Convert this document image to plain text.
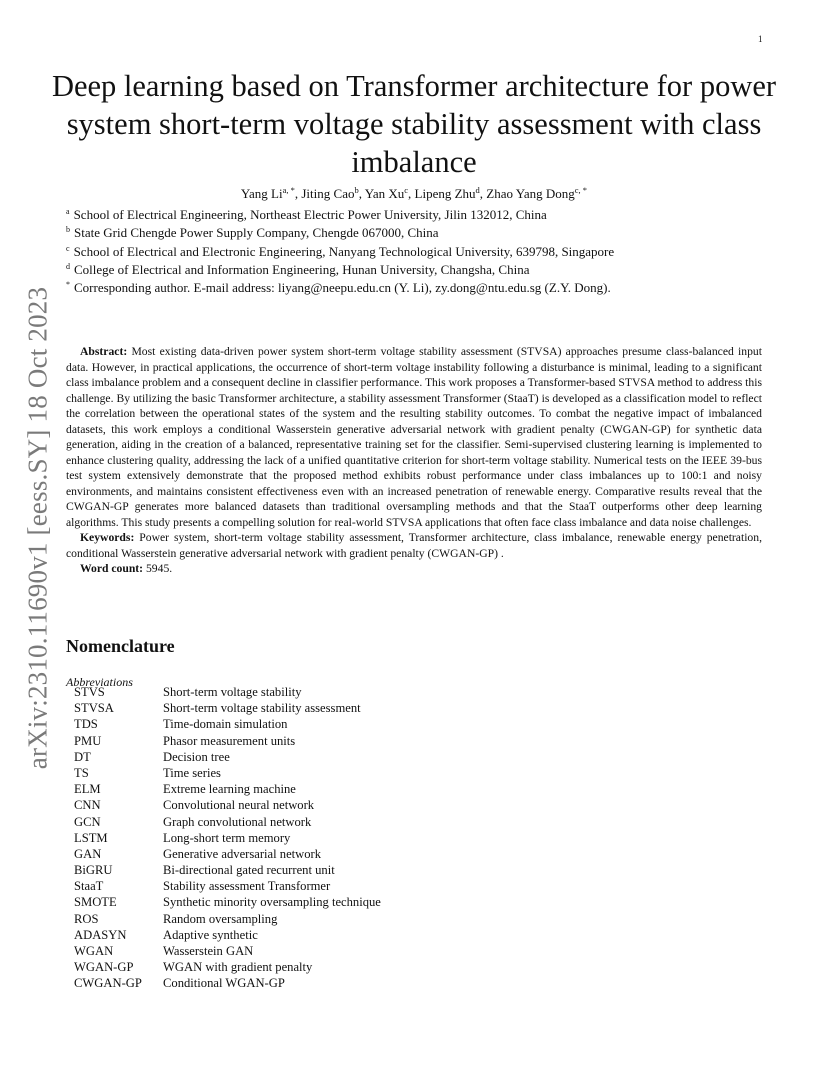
1
arXiv:2310.11690v1 [eess.SY] 18 Oct 2023
Deep learning based on Transformer architecture for power system short-term voltage stability assessment with class imbalance
Yang $Li^{a, *}$, Jiting Cao$^b$, Yan Xu$^c$, Lipeng Zhu$^d$, Zhao Yang Dong$^{c, *}$
$^a$ School of Electrical Engineering, Northeast Electric Power University, Jilin 132012, China
$^b$ State Grid Chengde Power Supply Company, Chengde 067000, China
$^c$ School of Electrical and Electronic Engineering, Nanyang Technological University, 639798, Singapore
$^d$ College of Electrical and Information Engineering, Hunan University, Changsha, China
* Corresponding author. E-mail address: liyang@neepu.edu.cn (Y. Li), zy.dong@ntu.edu.sg (Z.Y. Dong).

Abstract: Most existing data-driven power system short-term voltage stability assessment (STVSA) approaches presume class-balanced input data. However, in practical applications, the occurrence of short-term voltage instability following a disturbance is minimal, leading to a significant class imbalance problem and a consequent decline in classifier performance. This work proposes a Transformer-based STVSA method to address this challenge. By utilizing the basic Transformer architecture, a stability assessment Transformer (StaaT) is developed as a classification model to reflect the correlation between the operational states of the system and the resulting stability outcomes. To combat the negative impact of imbalanced datasets, this work employs a conditional Wasserstein generative adversarial network with gradient penalty (CWGAN-GP) for synthetic data generation, aiding in the creation of a balanced, representative training set for the classifier. Semi-supervised clustering learning is implemented to enhance clustering quality, addressing the lack of a unified quantitative criterion for short-term voltage stability. Numerical tests on the IEEE 39-bus test system extensively demonstrate that the proposed method exhibits robust performance under class imbalances up to 100:1 and noisy environments, and maintains consistent effectiveness even with an increased penetration of renewable energy. Comparative results reveal that the CWGAN-GP generates more balanced datasets than traditional oversampling methods and that the StaaT outperforms other deep learning algorithms. This study presents a compelling solution for real-world STVSA applications that often face class imbalance and data noise challenges.

Keywords: Power system, short-term voltage stability assessment, Transformer architecture, class imbalance, renewable energy penetration, conditional Wasserstein generative adversarial network with gradient penalty (CWGAN-GP) .

Word count: 5945.

Nomenclature
Abbreviations
STVS	Short-term voltage stability
STVSA	Short-term voltage stability assessment
TDS	Time-domain simulation
PMU	Phasor measurement units
DT	Decision tree
TS	Time series
ELM	Extreme learning machine
CNN	Convolutional neural network
GCN	Graph convolutional network
LSTM	Long-short term memory
GAN	Generative adversarial network
BiGRU	Bi-directional gated recurrent unit
StaaT	Stability assessment Transformer
SMOTE	Synthetic minority oversampling technique
ROS	Random oversampling
ADASYN	Adaptive synthetic
WGAN	Wasserstein GAN
WGAN-GP	WGAN with gradient penalty
CWGAN-GP	Conditional WGAN-GP
